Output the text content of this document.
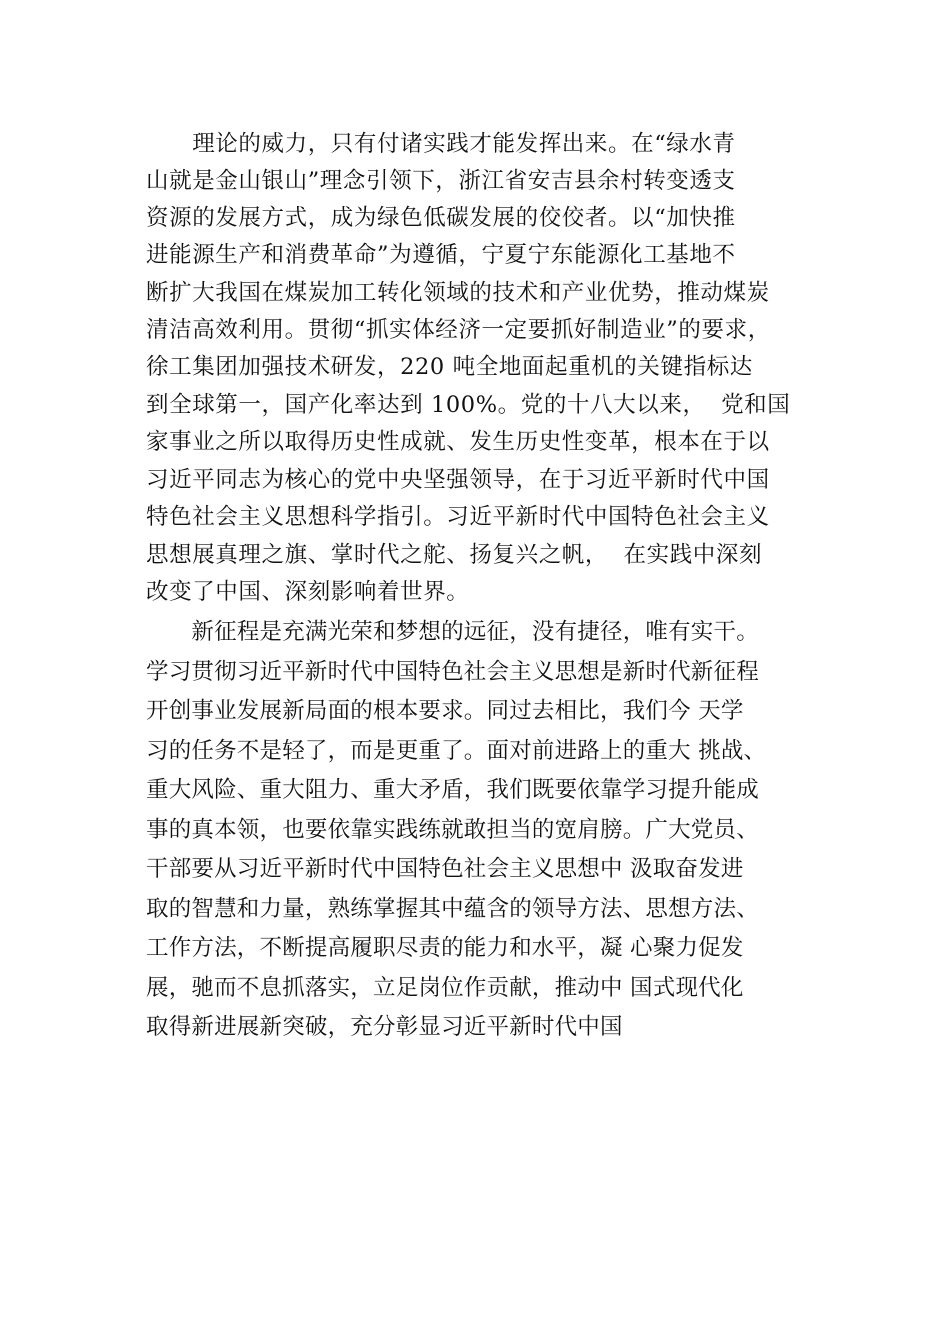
　　理论的威力，只有付诸实践才能发挥出来。在“绿水青
山就是金山银山”理念引领下，浙江省安吉县余村转变透支
资源的发展方式，成为绿色低碳发展的佼佼者。以“加快推
进能源生产和消费革命”为遵循，宁夏宁东能源化工基地不
断扩大我国在煤炭加工转化领域的技术和产业优势，推动煤炭
清洁高效利用。贯彻“抓实体经济一定要抓好制造业”的要求，
徐工集团加强技术研发，220 吨全地面起重机的关键指标达
到全球第一，国产化率达到 100%。党的十八大以来，  党和国
家事业之所以取得历史性成就、发生历史性变革，根本在于以
习近平同志为核心的党中央坚强领导，在于习近平新时代中国
特色社会主义思想科学指引。习近平新时代中国特色社会主义
思想展真理之旗、掌时代之舵、扬复兴之帆，  在实践中深刻
改变了中国、深刻影响着世界。
　　新征程是充满光荣和梦想的远征，没有捷径，唯有实干。
学习贯彻习近平新时代中国特色社会主义思想是新时代新征程
开创事业发展新局面的根本要求。同过去相比，我们今 天学
习的任务不是轻了，而是更重了。面对前进路上的重大 挑战、
重大风险、重大阻力、重大矛盾，我们既要依靠学习提升能成
事的真本领，也要依靠实践练就敢担当的宽肩膀。广大党员、
干部要从习近平新时代中国特色社会主义思想中 汲取奋发进
取的智慧和力量，熟练掌握其中蕴含的领导方法、思想方法、
工作方法，不断提高履职尽责的能力和水平，凝 心聚力促发
展，驰而不息抓落实，立足岗位作贡献，推动中 国式现代化
取得新进展新突破，充分彰显习近平新时代中国
